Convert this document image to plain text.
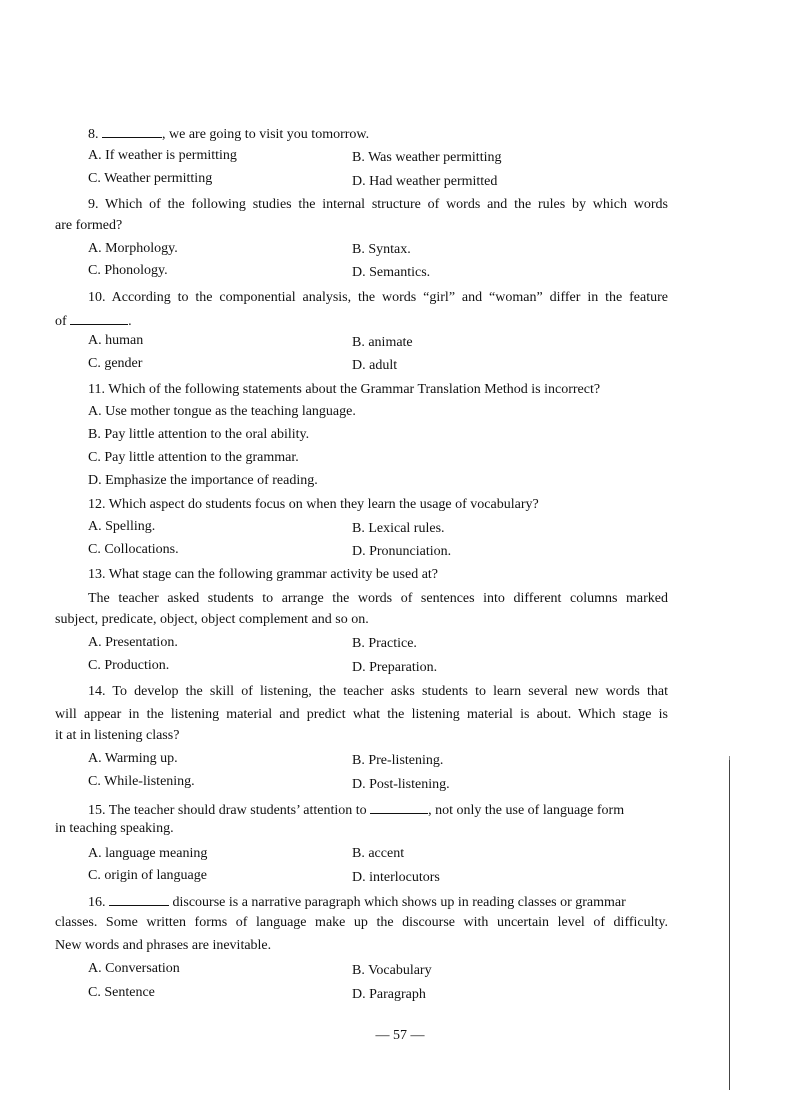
8.	, we are going to visit you tomorrow.
A. If weather is permitting	B. Was weather permitting
C. Weather permitting	D. Had weather permitted
9. Which of the following studies the internal structure of words and the rules by which words
are formed?
A. Morphology.	B. Syntax.
C. Phonology.	D. Semantics.
10. According to the componential analysis, the words “girl” and “woman” differ in the feature
of	.
A. human	B. animate
C. gender	D. adult
11. Which of the following statements about the Grammar Translation Method is incorrect?
A. Use mother tongue as the teaching language.
B. Pay little attention to the oral ability.
C. Pay little attention to the grammar.
D. Emphasize the importance of reading.
12. Which aspect do students focus on when they learn the usage of vocabulary?
A. Spelling.	B. Lexical rules.
C. Collocations.	D. Pronunciation.
13. What stage can the following grammar activity be used at?
The teacher asked students to arrange the words of sentences into different columns marked
subject, predicate, object, object complement and so on.
A. Presentation.	B. Practice.
C. Production.	D. Preparation.
14. To develop the skill of listening, the teacher asks students to learn several new words that
will appear in the listening material and predict what the listening material is about. Which stage is
it at in listening class?
A. Warming up.	B. Pre-listening.
C. While-listening.	D. Post-listening.
15. The teacher should draw students’ attention to	, not only the use of language form
in teaching speaking.
A. language meaning	B. accent
C. origin of language	D. interlocutors
16.	discourse is a narrative paragraph which shows up in reading classes or grammar
classes. Some written forms of language make up the discourse with uncertain level of difficulty.
New words and phrases are inevitable.
A. Conversation	B. Vocabulary
C. Sentence	D. Paragraph
— 57 —
